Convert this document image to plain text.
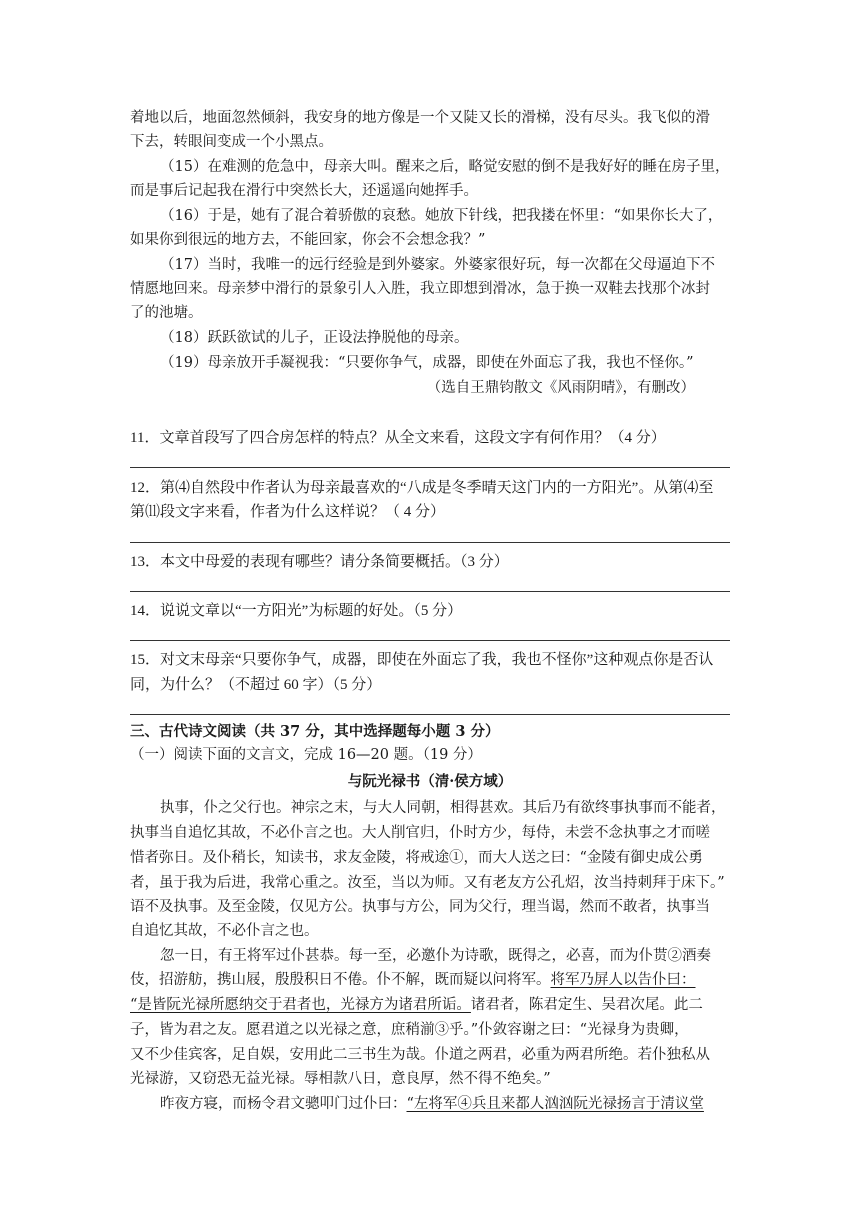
着地以后，地面忽然倾斜，我安身的地方像是一个又陡又长的滑梯，没有尽头。我飞似的滑
下去，转眼间变成一个小黑点。
（15）在难测的危急中，母亲大叫。醒来之后，略觉安慰的倒不是我好好的睡在房子里，
而是事后记起我在滑行中突然长大，还遥遥向她挥手。
（16）于是，她有了混合着骄傲的哀愁。她放下针线，把我搂在怀里：“如果你长大了，
如果你到很远的地方去，不能回家，你会不会想念我？”
（17）当时，我唯一的远行经验是到外婆家。外婆家很好玩，每一次都在父母逼迫下不
情愿地回来。母亲梦中滑行的景象引人入胜，我立即想到滑冰，急于换一双鞋去找那个冰封
了的池塘。
（18）跃跃欲试的儿子，正设法挣脱他的母亲。
（19）母亲放开手凝视我：“只要你争气，成器，即使在外面忘了我，我也不怪你。”
（选自王鼎钧散文《风雨阴晴》，有删改）
11．文章首段写了四合房怎样的特点？从全文来看，这段文字有何作用？（4 分）
12．第⑷自然段中作者认为母亲最喜欢的“八成是冬季晴天这门内的一方阳光”。从第⑷至
第⑾段文字来看，作者为什么这样说？（ 4 分）
13．本文中母爱的表现有哪些？请分条简要概括。（3 分）
14．说说文章以“一方阳光”为标题的好处。（5 分）
15．对文末母亲“只要你争气，成器，即使在外面忘了我，我也不怪你”这种观点你是否认
同，为什么？（不超过 60 字）（5 分）
三、古代诗文阅读（共 37 分，其中选择题每小题 3 分）
（一）阅读下面的文言文，完成 16—20 题。（19 分）
与阮光禄书（清·侯方域）
执事，仆之父行也。神宗之末，与大人同朝，相得甚欢。其后乃有欲终事执事而不能者，
执事当自追忆其故，不必仆言之也。大人削官归，仆时方少，每侍，未尝不念执事之才而嗟
惜者弥日。及仆稍长，知读书，求友金陵，将戒途①，而大人送之曰：“金陵有御史成公勇
者，虽于我为后进，我常心重之。汝至，当以为师。又有老友方公孔炤，汝当持刺拜于床下。”
语不及执事。及至金陵，仅见方公。执事与方公，同为父行，理当谒，然而不敢者，执事当
自追忆其故，不必仆言之也。
忽一日，有王将军过仆甚恭。每一至，必邀仆为诗歌，既得之，必喜，而为仆贳②酒奏
伎，招游舫，携山屐，殷殷积日不倦。仆不解，既而疑以问将军。将军乃屏人以告仆曰：
“是皆阮光禄所愿纳交于君者也，光禄方为诸君所诟。诸君者，陈君定生、吴君次尾。此二
子，皆为君之友。愿君道之以光禄之意，庶稍湔③乎。”仆敛容谢之曰：“光禄身为贵卿，
又不少佳宾客，足自娱，安用此二三书生为哉。仆道之两君，必重为两君所绝。若仆独私从
光禄游，又窃恐无益光禄。辱相款八日，意良厚，然不得不绝矣。”
昨夜方寝，而杨令君文骢叩门过仆曰：“左将军④兵且来都人汹汹阮光禄扬言于清议堂
